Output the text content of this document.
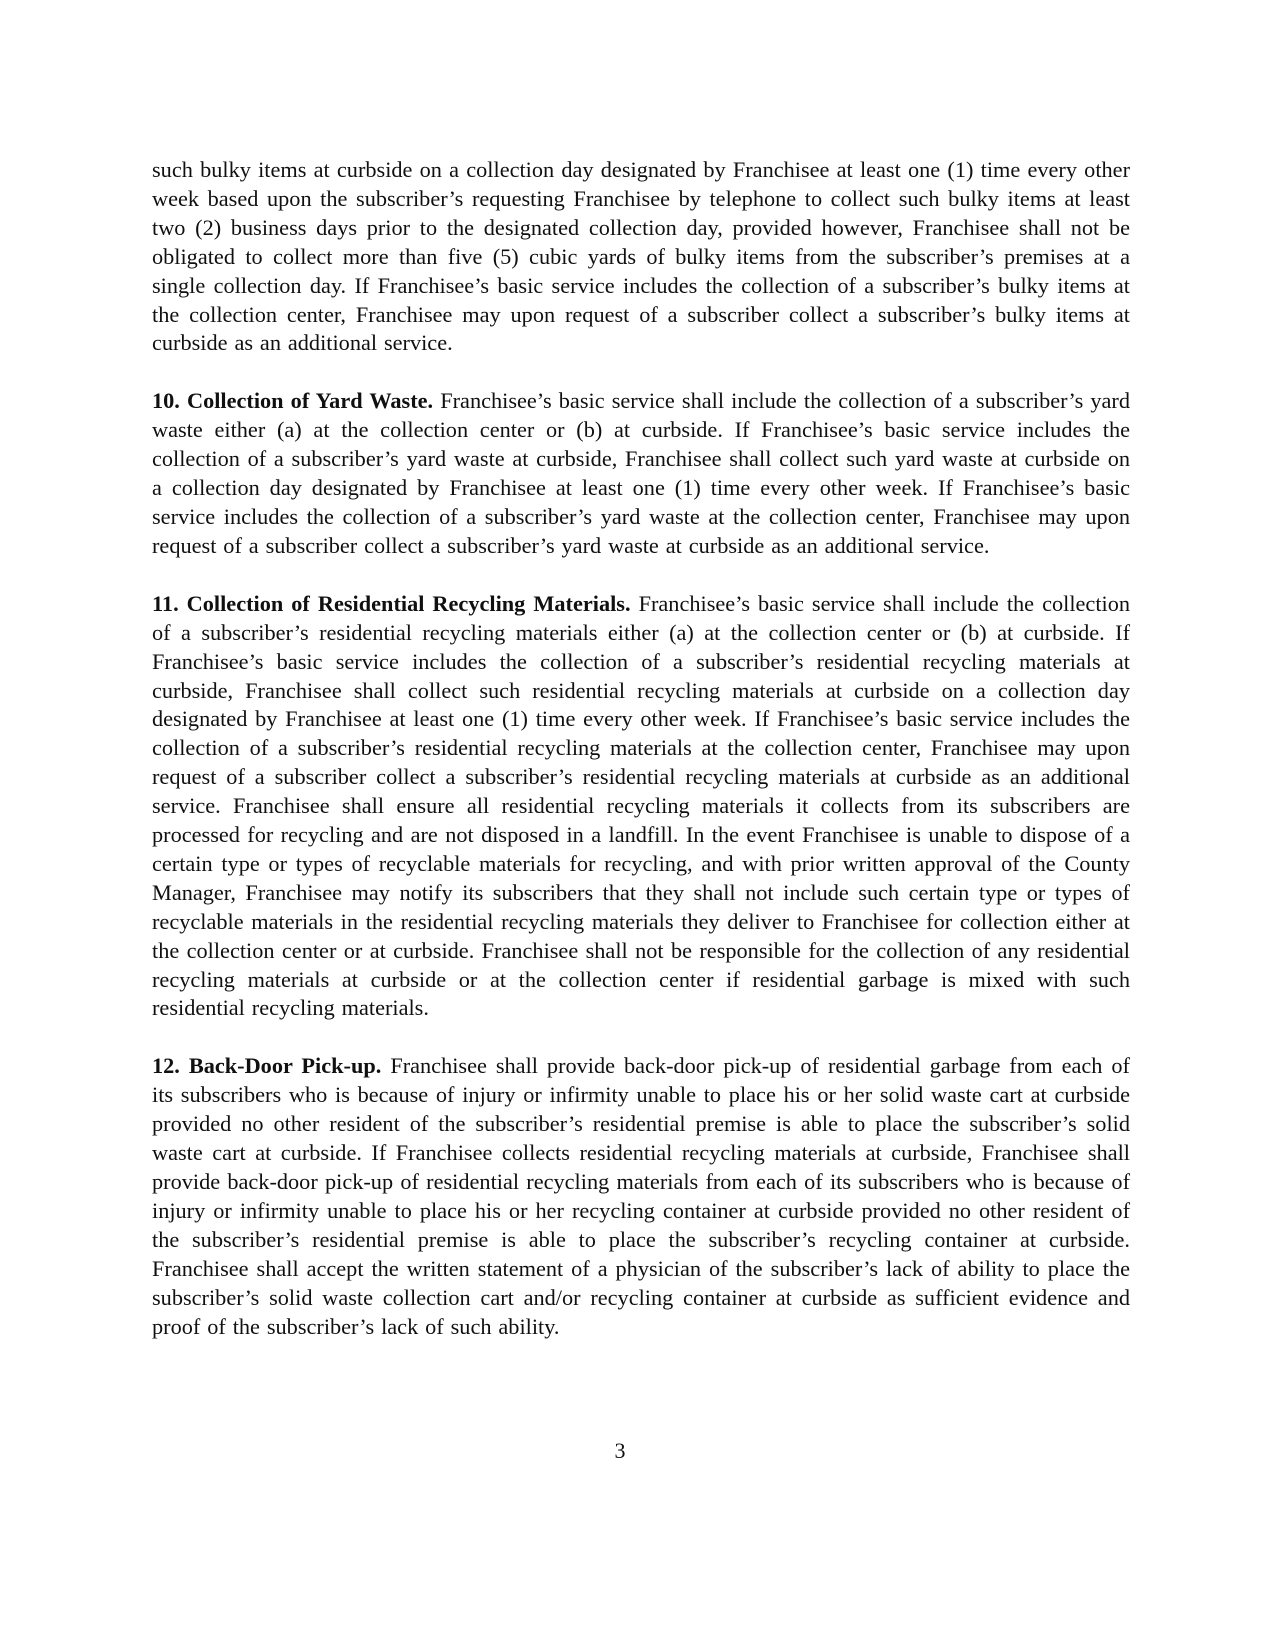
such bulky items at curbside on a collection day designated by Franchisee at least one (1) time every other week based upon the subscriber’s requesting Franchisee by telephone to collect such bulky items at least two (2) business days prior to the designated collection day, provided however, Franchisee shall not be obligated to collect more than five (5) cubic yards of bulky items from the subscriber’s premises at a single collection day. If Franchisee’s basic service includes the collection of a subscriber’s bulky items at the collection center, Franchisee may upon request of a subscriber collect a subscriber’s bulky items at curbside as an additional service.

10. Collection of Yard Waste. Franchisee’s basic service shall include the collection of a subscriber’s yard waste either (a) at the collection center or (b) at curbside. If Franchisee’s basic service includes the collection of a subscriber’s yard waste at curbside, Franchisee shall collect such yard waste at curbside on a collection day designated by Franchisee at least one (1) time every other week. If Franchisee’s basic service includes the collection of a subscriber’s yard waste at the collection center, Franchisee may upon request of a subscriber collect a subscriber’s yard waste at curbside as an additional service.

11. Collection of Residential Recycling Materials. Franchisee’s basic service shall include the collection of a subscriber’s residential recycling materials either (a) at the collection center or (b) at curbside. If Franchisee’s basic service includes the collection of a subscriber’s residential recycling materials at curbside, Franchisee shall collect such residential recycling materials at curbside on a collection day designated by Franchisee at least one (1) time every other week. If Franchisee’s basic service includes the collection of a subscriber’s residential recycling materials at the collection center, Franchisee may upon request of a subscriber collect a subscriber’s residential recycling materials at curbside as an additional service. Franchisee shall ensure all residential recycling materials it collects from its subscribers are processed for recycling and are not disposed in a landfill. In the event Franchisee is unable to dispose of a certain type or types of recyclable materials for recycling, and with prior written approval of the County Manager, Franchisee may notify its subscribers that they shall not include such certain type or types of recyclable materials in the residential recycling materials they deliver to Franchisee for collection either at the collection center or at curbside. Franchisee shall not be responsible for the collection of any residential recycling materials at curbside or at the collection center if residential garbage is mixed with such residential recycling materials.

12. Back-Door Pick-up. Franchisee shall provide back-door pick-up of residential garbage from each of its subscribers who is because of injury or infirmity unable to place his or her solid waste cart at curbside provided no other resident of the subscriber’s residential premise is able to place the subscriber’s solid waste cart at curbside. If Franchisee collects residential recycling materials at curbside, Franchisee shall provide back-door pick-up of residential recycling materials from each of its subscribers who is because of injury or infirmity unable to place his or her recycling container at curbside provided no other resident of the subscriber’s residential premise is able to place the subscriber’s recycling container at curbside. Franchisee shall accept the written statement of a physician of the subscriber’s lack of ability to place the subscriber’s solid waste collection cart and/or recycling container at curbside as sufficient evidence and proof of the subscriber’s lack of such ability.

3
